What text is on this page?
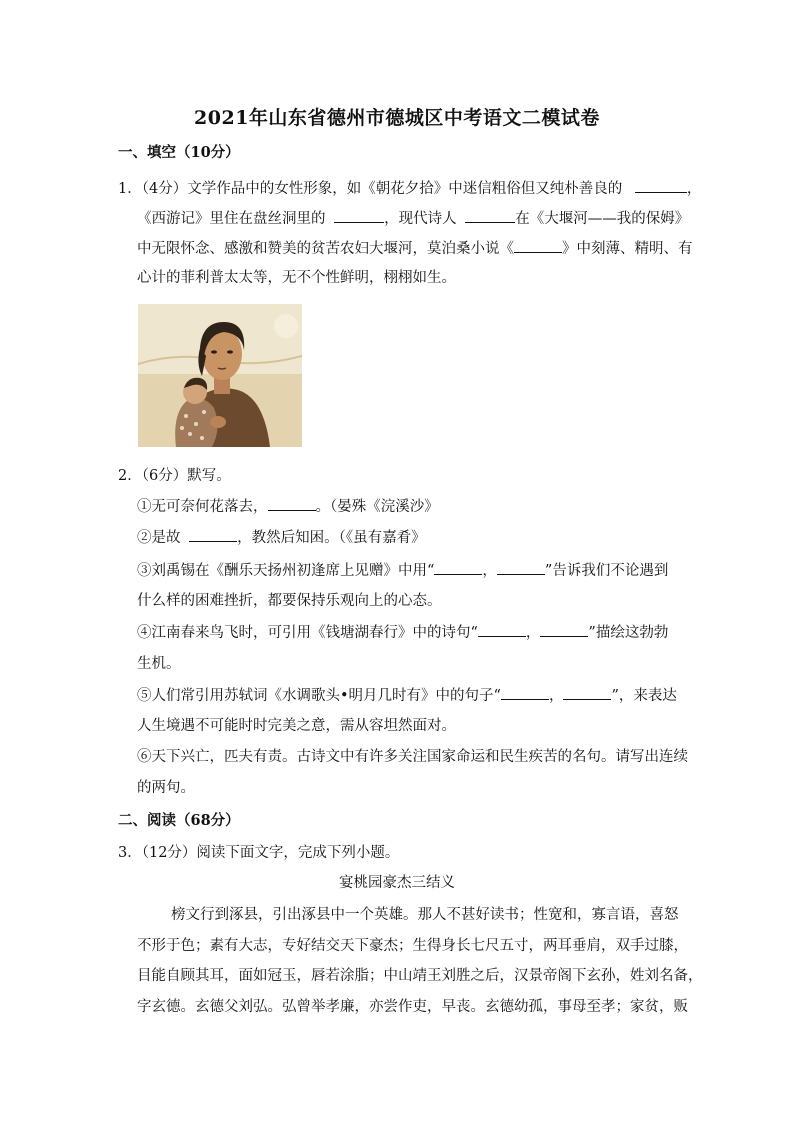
2021年山东省德州市德城区中考语文二模试卷
一、填空（10分）
1．（4分）文学作品中的女性形象，如《朝花夕拾》中迷信粗俗但又纯朴善良的	，
《西游记》里住在盘丝洞里的	，现代诗人	在《大堰河——我的保姆》
中无限怀念、感激和赞美的贫苦农妇大堰河，莫泊桑小说《	》中刻薄、精明、有
心计的菲利普太太等，无不个性鲜明，栩栩如生。
2．（6分）默写。
①无可奈何花落去，	。（晏殊《浣溪沙》
②是故	，教然后知困。（《虽有嘉肴》
③刘禹锡在《酬乐天扬州初逢席上见赠》中用“	，	”告诉我们不论遇到
什么样的困难挫折，都要保持乐观向上的心态。
④江南春来鸟飞时，可引用《钱塘湖春行》中的诗句“	，	”描绘这勃勃
生机。
⑤人们常引用苏轼词《水调歌头•明月几时有》中的句子“	，	”，来表达
人生境遇不可能时时完美之意，需从容坦然面对。
⑥天下兴亡，匹夫有责。古诗文中有许多关注国家命运和民生疾苦的名句。请写出连续
的两句。
二、阅读（68分）
3．（12分）阅读下面文字，完成下列小题。
宴桃园豪杰三结义
榜文行到涿县，引出涿县中一个英雄。那人不甚好读书；性宽和，寡言语，喜怒
不形于色；素有大志，专好结交天下豪杰；生得身长七尺五寸，两耳垂肩，双手过膝，
目能自顾其耳，面如冠玉，唇若涂脂；中山靖王刘胜之后，汉景帝阁下玄孙，姓刘名备，
字玄德。玄德父刘弘。弘曾举孝廉，亦尝作吏，早丧。玄德幼孤，事母至孝；家贫，贩
